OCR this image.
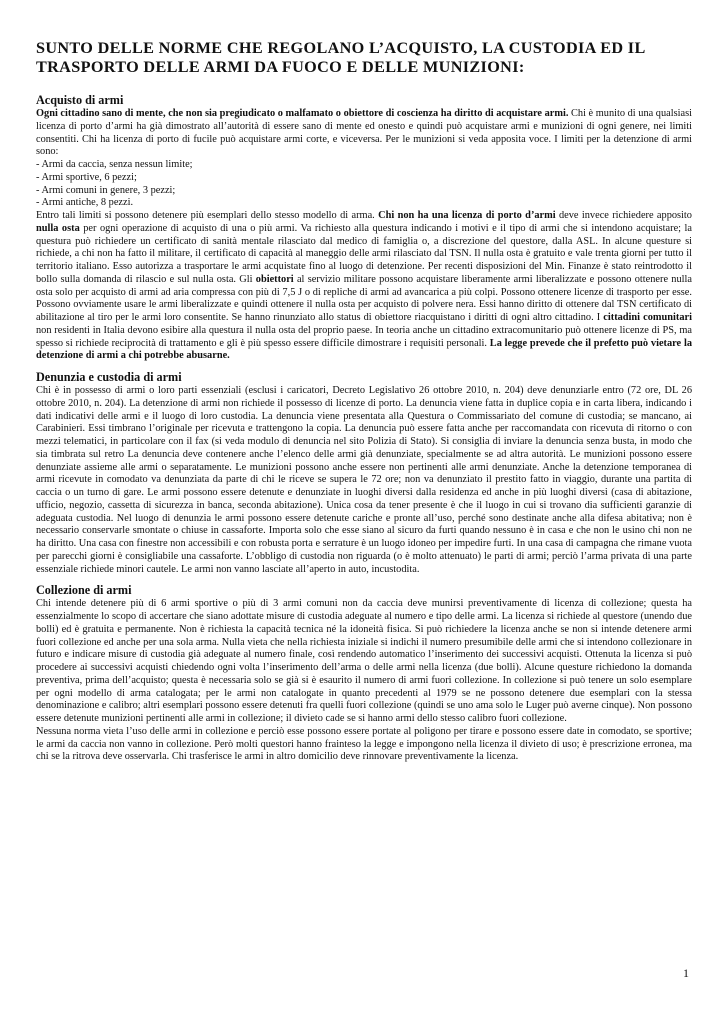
SUNTO DELLE NORME CHE REGOLANO L’ACQUISTO, LA CUSTODIA ED IL TRASPORTO DELLE ARMI DA FUOCO E DELLE MUNIZIONI:
Acquisto di armi

Ogni cittadino sano di mente, che non sia pregiudicato o malfamato o obiettore di coscienza ha diritto di acquistare armi. Chi è munito di una qualsiasi licenza di porto d’armi ha già dimostrato all’autorità di essere sano di mente ed onesto e quindi può acquistare armi e munizioni di ogni genere, nei limiti consentiti. Chi ha licenza di porto di fucile può acquistare armi corte, e viceversa. Per le munizioni si veda apposita voce. I limiti per la detenzione di armi sono:

- Armi da caccia, senza nessun limite;
- Armi sportive, 6 pezzi;
- Armi comuni in genere, 3 pezzi;
- Armi antiche, 8 pezzi.

Entro tali limiti si possono detenere più esemplari dello stesso modello di arma. Chi non ha una licenza di porto d’armi deve invece richiedere apposito nulla osta per ogni operazione di acquisto di una o più armi. Va richiesto alla questura indicando i motivi e il tipo di armi che si intendono acquistare; la questura può richiedere un certificato di sanità mentale rilasciato dal medico di famiglia o, a discrezione del questore, dalla ASL. In alcune questure si richiede, a chi non ha fatto il militare, il certificato di capacità al maneggio delle armi rilasciato dal TSN. Il nulla osta è gratuito e vale trenta giorni per tutto il territorio italiano. Esso autorizza a trasportare le armi acquistate fino al luogo di detenzione. Per recenti disposizioni del Min. Finanze è stato reintrodotto il bollo sulla domanda di rilascio e sul nulla osta. Gli obiettori al servizio militare possono acquistare liberamente armi liberalizzate e possono ottenere nulla osta solo per acquisto di armi ad aria compressa con più di 7,5 J o di repliche di armi ad avancarica a più colpi. Possono ottenere licenze di trasporto per esse. Possono ovviamente usare le armi liberalizzate e quindi ottenere il nulla osta per acquisto di polvere nera. Essi hanno diritto di ottenere dal TSN certificato di abilitazione al tiro per le armi loro consentite. Se hanno rinunziato allo status di obiettore riacquistano i diritti di ogni altro cittadino. I cittadini comunitari non residenti in Italia devono esibire alla questura il nulla osta del proprio paese. In teoria anche un cittadino extracomunitario può ottenere licenze di PS, ma spesso si richiede reciprocità di trattamento e gli è più spesso essere difficile dimostrare i requisiti personali. La legge prevede che il prefetto può vietare la detenzione di armi a chi potrebbe abusarne.

Denunzia e custodia di armi

Chi è in possesso di armi o loro parti essenziali (esclusi i caricatori, Decreto Legislativo 26 ottobre 2010, n. 204) deve denunziarle entro (72 ore, DL 26 ottobre 2010, n. 204). La detenzione di armi non richiede il possesso di licenze di porto. La denuncia viene fatta in duplice copia e in carta libera, indicando i dati indicativi delle armi e il luogo di loro custodia. La denuncia viene presentata alla Questura o Commissariato del comune di custodia; se mancano, ai Carabinieri. Essi timbrano l’originale per ricevuta e trattengono la copia. La denuncia può essere fatta anche per raccomandata con ricevuta di ritorno o con mezzi telematici, in particolare con il fax (si veda modulo di denuncia nel sito Polizia di Stato). Si consiglia di inviare la denuncia senza busta, in modo che sia timbrata sul retro La denuncia deve contenere anche l’elenco delle armi già denunziate, specialmente se ad altra autorità. Le munizioni possono essere denunziate assieme alle armi o separatamente. Le munizioni possono anche essere non pertinenti alle armi denunziate. Anche la detenzione temporanea di armi ricevute in comodato va denunziata da parte di chi le riceve se supera le 72 ore; non va denunziato il prestito fatto in viaggio, durante una partita di caccia o un turno di gare. Le armi possono essere detenute e denunziate in luoghi diversi dalla residenza ed anche in più luoghi diversi (casa di abitazione, ufficio, negozio, cassetta di sicurezza in banca, seconda abitazione). Unica cosa da tener presente è che il luogo in cui si trovano dia sufficienti garanzie di adeguata custodia. Nel luogo di denunzia le armi possono essere detenute cariche e pronte all’uso, perché sono destinate anche alla difesa abitativa; non è necessario conservarle smontate o chiuse in cassaforte. Importa solo che esse siano al sicuro da furti quando nessuno è in casa e che non le usino chi non ne ha diritto. Una casa con finestre non accessibili e con robusta porta e serrature è un luogo idoneo per impedire furti. In una casa di campagna che rimane vuota per parecchi giorni è consigliabile una cassaforte. L’obbligo di custodia non riguarda (o è molto attenuato) le parti di armi; perciò l’arma privata di una parte essenziale richiede minori cautele. Le armi non vanno lasciate all’aperto in auto, incustodita.

Collezione di armi

Chi intende detenere più di 6 armi sportive o più di 3 armi comuni non da caccia deve munirsi preventivamente di licenza di collezione; questa ha essenzialmente lo scopo di accertare che siano adottate misure di custodia adeguate al numero e tipo delle armi. La licenza si richiede al questore (unendo due bolli) ed è gratuita e permanente. Non è richiesta la capacità tecnica né la idoneità fisica. Si può richiedere la licenza anche se non si intende detenere armi fuori collezione ed anche per una sola arma. Nulla vieta che nella richiesta iniziale si indichi il numero presumibile delle armi che si intendono collezionare in futuro e indicare misure di custodia già adeguate al numero finale, così rendendo automatico l’inserimento dei successivi acquisti. Ottenuta la licenza si può procedere ai successivi acquisti chiedendo ogni volta l’inserimento dell’arma o delle armi nella licenza (due bolli). Alcune questure richiedono la domanda preventiva, prima dell’acquisto; questa è necessaria solo se già si è esaurito il numero di armi fuori collezione. In collezione si può tenere un solo esemplare per ogni modello di arma catalogata; per le armi non catalogate in quanto precedenti al 1979 se ne possono detenere due esemplari con la stessa denominazione e calibro; altri esemplari possono essere detenuti fra quelli fuori collezione (quindi se uno ama solo le Luger può averne cinque). Non possono essere detenute munizioni pertinenti alle armi in collezione; il divieto cade se si hanno armi dello stesso calibro fuori collezione.

Nessuna norma vieta l’uso delle armi in collezione e perciò esse possono essere portate al poligono per tirare e possono essere date in comodato, se sportive; le armi da caccia non vanno in collezione. Però molti questori hanno frainteso la legge e impongono nella licenza il divieto di uso; è prescrizione erronea, ma chi se la ritrova deve osservarla. Chi trasferisce le armi in altro domicilio deve rinnovare preventivamente la licenza.

1
